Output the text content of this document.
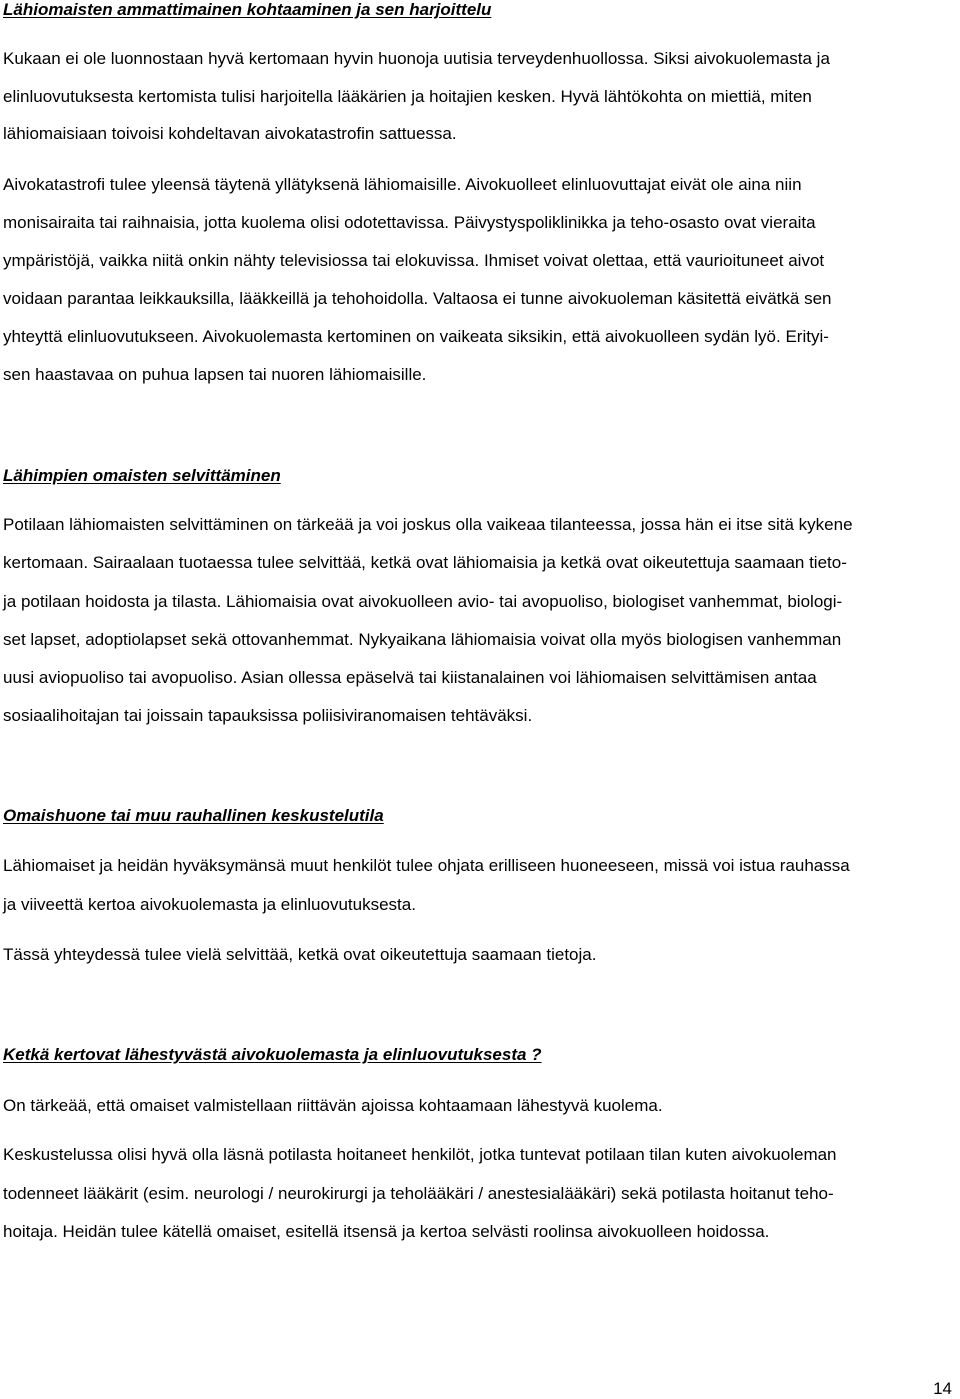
Lähiomaisten ammattimainen kohtaaminen ja sen harjoittelu
Kukaan ei ole luonnostaan hyvä kertomaan hyvin huonoja uutisia terveydenhuollossa. Siksi aivokuolemasta ja
elinluovutuksesta kertomista tulisi harjoitella lääkärien ja hoitajien kesken. Hyvä lähtökohta on miettiä, miten
lähiomaisiaan toivoisi kohdeltavan aivokatastrofin sattuessa.
Aivokatastrofi tulee yleensä täytenä yllätyksenä lähiomaisille. Aivokuolleet elinluovuttajat eivät ole aina niin
monisairaita tai raihnaisia, jotta kuolema olisi odotettavissa. Päivystyspoliklinikka ja teho-osasto ovat vieraita
ympäristöjä, vaikka niitä onkin nähty televisiossa tai elokuvissa. Ihmiset voivat olettaa, että vaurioituneet aivot
voidaan parantaa leikkauksilla, lääkkeillä ja tehohoidolla. Valtaosa ei tunne aivokuoleman käsitettä eivätkä sen
yhteyttä elinluovutukseen. Aivokuolemasta kertominen on vaikeata siksikin, että aivokuolleen sydän lyö. Erityi-
sen haastavaa on puhua lapsen tai nuoren lähiomaisille.
Lähimpien omaisten selvittäminen
Potilaan lähiomaisten selvittäminen on tärkeää ja voi joskus olla vaikeaa tilanteessa, jossa hän ei itse sitä kykene
kertomaan. Sairaalaan tuotaessa tulee selvittää, ketkä ovat lähiomaisia ja ketkä ovat oikeutettuja saamaan tieto-
ja potilaan hoidosta ja tilasta. Lähiomaisia ovat aivokuolleen avio- tai avopuoliso, biologiset vanhemmat, biologi-
set lapset, adoptiolapset sekä ottovanhemmat. Nykyaikana lähiomaisia voivat olla myös biologisen vanhemman
uusi aviopuoliso tai avopuoliso. Asian ollessa epäselvä tai kiistanalainen voi lähiomaisen selvittämisen antaa
sosiaalihoitajan tai joissain tapauksissa poliisiviranomaisen tehtäväksi.
Omaishuone tai muu rauhallinen keskustelutila
Lähiomaiset ja heidän hyväksymänsä muut henkilöt tulee ohjata erilliseen huoneeseen, missä voi istua rauhassa
ja viiveettä kertoa aivokuolemasta ja elinluovutuksesta.
Tässä yhteydessä tulee vielä selvittää, ketkä ovat oikeutettuja saamaan tietoja.
Ketkä kertovat lähestyvästä aivokuolemasta ja elinluovutuksesta ?
On tärkeää, että omaiset valmistellaan riittävän ajoissa kohtaamaan lähestyvä kuolema.
Keskustelussa olisi hyvä olla läsnä potilasta hoitaneet henkilöt, jotka tuntevat potilaan tilan kuten aivokuoleman
todenneet lääkärit (esim. neurologi / neurokirurgi ja teholääkäri / anestesialääkäri) sekä potilasta hoitanut teho-
hoitaja. Heidän tulee kätellä omaiset, esitellä itsensä ja kertoa selvästi roolinsa aivokuolleen hoidossa.
14
